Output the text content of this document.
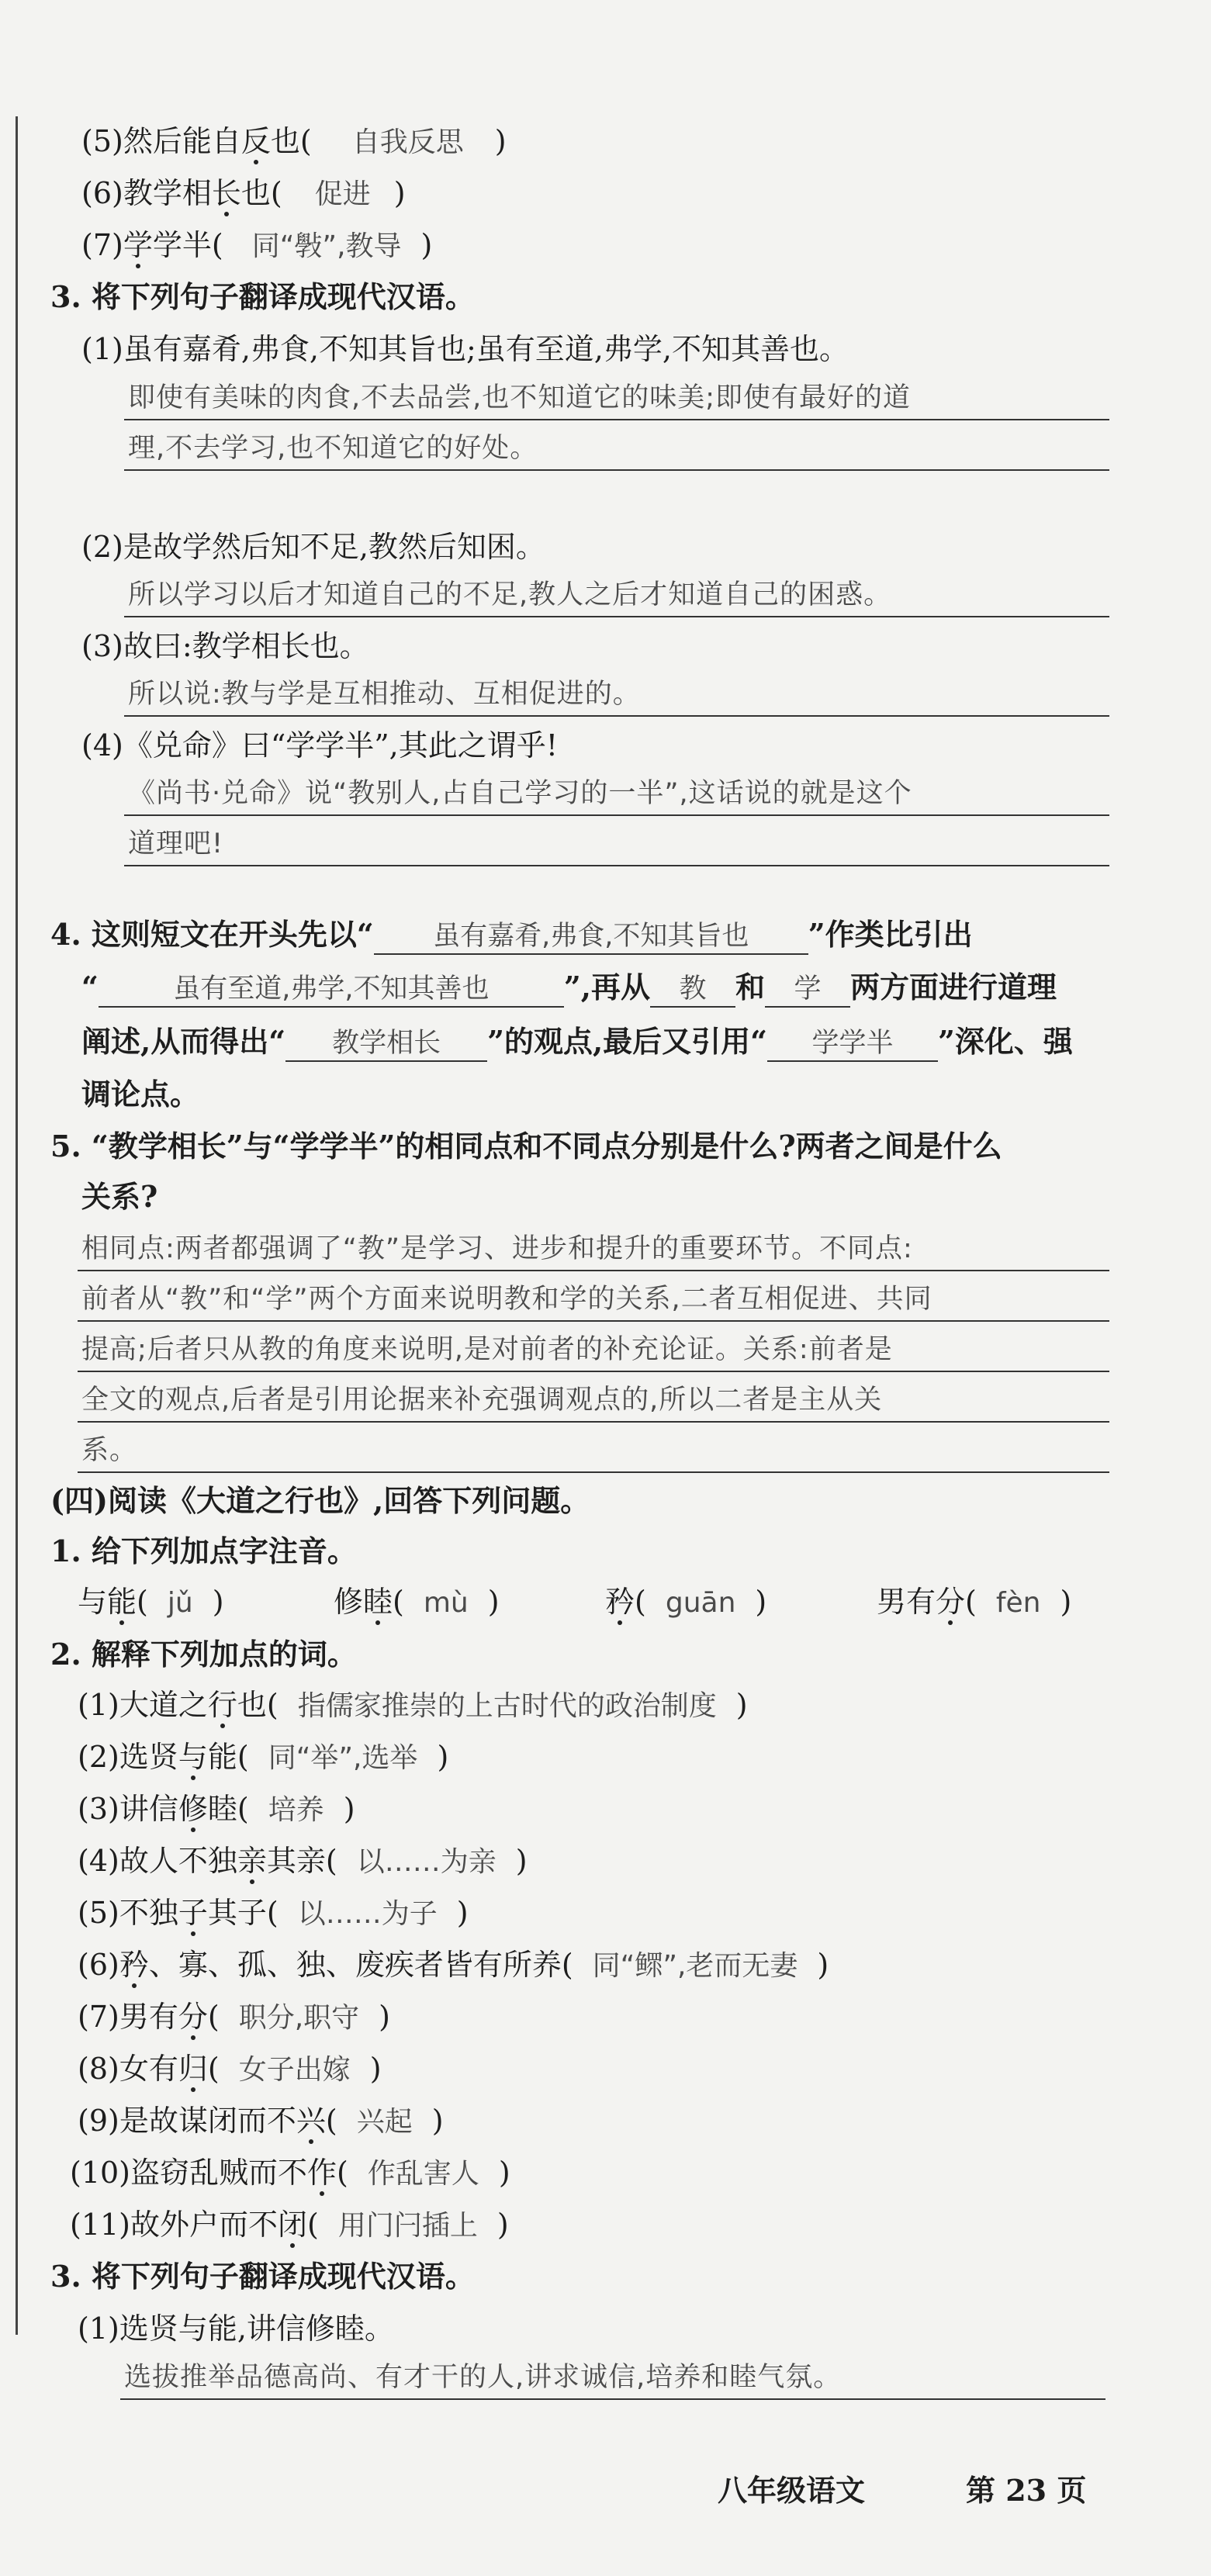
(5)然后能自反也( 自我反思 )
(6)教学相长也( 促进 )
(7)学学半( 同“斅”,教导 )
3. 将下列句子翻译成现代汉语。
(1)虽有嘉肴,弗食,不知其旨也;虽有至道,弗学,不知其善也。
即使有美味的肉食,不去品尝,也不知道它的味美;即使有最好的道
理,不去学习,也不知道它的好处。
(2)是故学然后知不足,教然后知困。
所以学习以后才知道自己的不足,教人之后才知道自己的困惑。
(3)故曰:教学相长也。
所以说:教与学是互相推动、互相促进的。
(4)《兑命》曰“学学半”,其此之谓乎!
《尚书·兑命》说“教别人,占自己学习的一半”,这话说的就是这个
道理吧!
4. 这则短文在开头先以“ 虽有嘉肴,弗食,不知其旨也 ”作类比引出
“	虽有至道,弗学,不知其善也	”,再从 教 和 学 两方面进行道理
阐述,从而得出“ 教学相长 ”的观点,最后又引用“ 学学半 ”深化、强
调论点。
5. “教学相长”与“学学半”的相同点和不同点分别是什么?两者之间是什么
关系?
相同点:两者都强调了“教”是学习、进步和提升的重要环节。不同点:
前者从“教”和“学”两个方面来说明教和学的关系,二者互相促进、共同
提高;后者只从教的角度来说明,是对前者的补充论证。关系:前者是
全文的观点,后者是引用论据来补充强调观点的,所以二者是主从关
系。
(四)阅读《大道之行也》,回答下列问题。
1. 给下列加点字注音。
与能( jǔ )	修睦( mù )	矜( guān )	男有分( fèn )
2. 解释下列加点的词。
(1)大道之行也( 指儒家推崇的上古时代的政治制度 )
(2)选贤与能( 同“举”,选举 )
(3)讲信修睦( 培养 )
(4)故人不独亲其亲( 以……为亲 )
(5)不独子其子( 以……为子 )
(6)矜、寡、孤、独、废疾者皆有所养( 同“鳏”,老而无妻 )
(7)男有分( 职分,职守 )
(8)女有归( 女子出嫁 )
(9)是故谋闭而不兴( 兴起 )
(10)盗窃乱贼而不作( 作乱害人 )
(11)故外户而不闭( 用门闩插上 )
3. 将下列句子翻译成现代汉语。
(1)选贤与能,讲信修睦。
选拔推举品德高尚、有才干的人,讲求诚信,培养和睦气氛。
八年级语文	第 23 页
